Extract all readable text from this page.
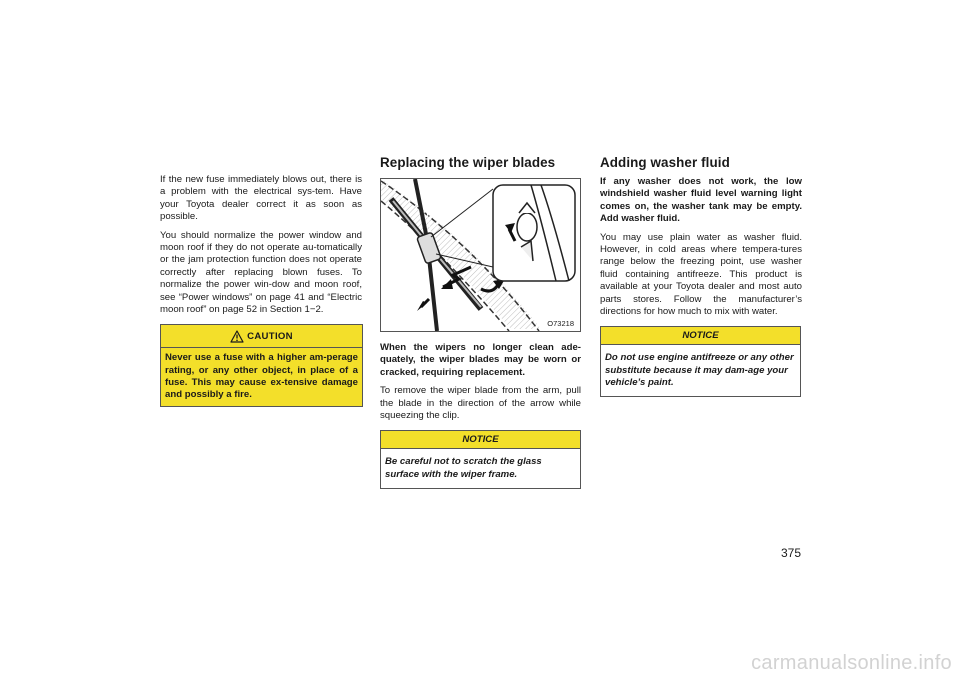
If the new fuse immediately blows out, there is a problem with the electrical sys-tem. Have your Toyota dealer correct it as soon as possible.

You should normalize the power window and moon roof if they do not operate au-tomatically or the jam protection function does not operate correctly after replacing blown fuses. To normalize the power win-dow and moon roof, see “Power windows” on page 41 and “Electric moon roof” on page 52 in Section 1−2.

CAUTION
Never use a fuse with a higher am-perage rating, or any other object, in place of a fuse. This may cause ex-tensive damage and possibly a fire.
Replacing the wiper blades
O73218

When the wipers no longer clean ade-quately, the wiper blades may be worn or cracked, requiring replacement.

To remove the wiper blade from the arm, pull the blade in the direction of the arrow while squeezing the clip.

NOTICE
Be careful not to scratch the glass surface with the wiper frame.
Adding washer fluid

If any washer does not work, the low windshield washer fluid level warning light comes on, the washer tank may be empty. Add washer fluid.

You may use plain water as washer fluid. However, in cold areas where tempera-tures range below the freezing point, use washer fluid containing antifreeze. This product is available at your Toyota dealer and most auto parts stores. Follow the manufacturer’s directions for how much to mix with water.

NOTICE
Do not use engine antifreeze or any other substitute because it may dam-age your vehicle’s paint.
375
carmanualsonline.info
